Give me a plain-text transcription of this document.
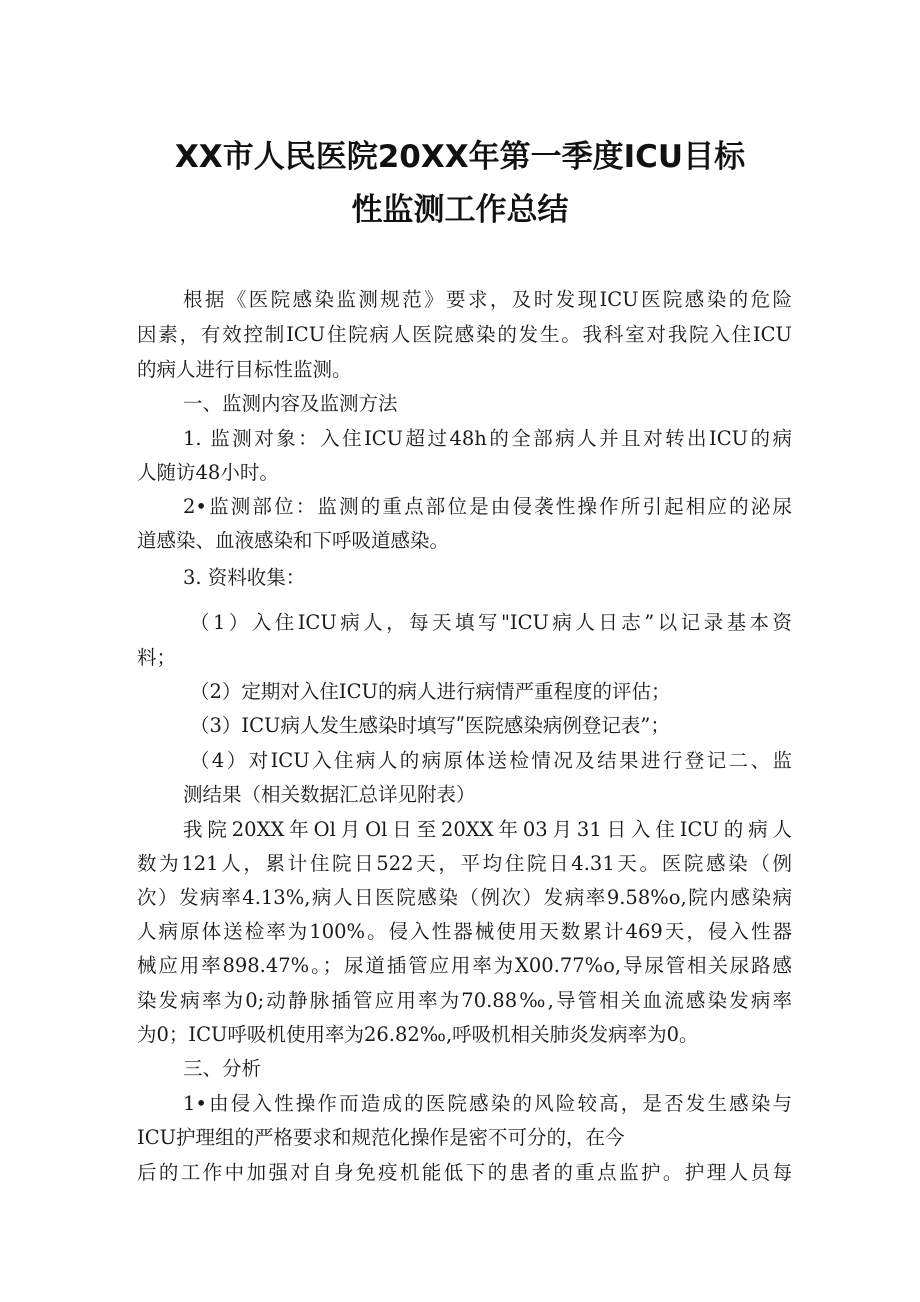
XX市人民医院20XX年第一季度ICU目标
性监测工作总结

根据《医院感染监测规范》要求，及时发现ICU医院感染的危险

因素，有效控制ICU住院病人医院感染的发生。我科室对我院入住ICU

的病人进行目标性监测。

一、监测内容及监测方法

1. 监测对象：入住ICU超过48h的全部病人并且对转出ICU的病

人随访48小时。

2•监测部位：监测的重点部位是由侵袭性操作所引起相应的泌尿

道感染、血液感染和下呼吸道感染。

3. 资料收集：

（1）入住ICU病人，每天填写"ICU病人日志”以记录基本资

料；

（2）定期对入住ICU的病人进行病情严重程度的评估；

（3）ICU病人发生感染时填写ʺ医院感染病例登记表”；

（4）对ICU入住病人的病原体送检情况及结果进行登记二、监

测结果（相关数据汇总详见附表）

我院20XX年Ol月Ol日至20XX年03月31日入住ICU的病人

数为121人，累计住院日522天，平均住院日4.31天。医院感染（例

次）发病率4.13%,病人日医院感染（例次）发病率9.58%o,院内感染病

人病原体送检率为100%。侵入性器械使用天数累计469天，侵入性器

械应用率898.47%。；尿道插管应用率为X00.77%o,导尿管相关尿路感

染发病率为0;动静脉插管应用率为70.88‰,导管相关血流感染发病率

为0；ICU呼吸机使用率为26.82‰,呼吸机相关肺炎发病率为0。

三、分析

1•由侵入性操作而造成的医院感染的风险较高，是否发生感染与

ICU护理组的严格要求和规范化操作是密不可分的，在今

后的工作中加强对自身免疫机能低下的患者的重点监护。护理人员每
